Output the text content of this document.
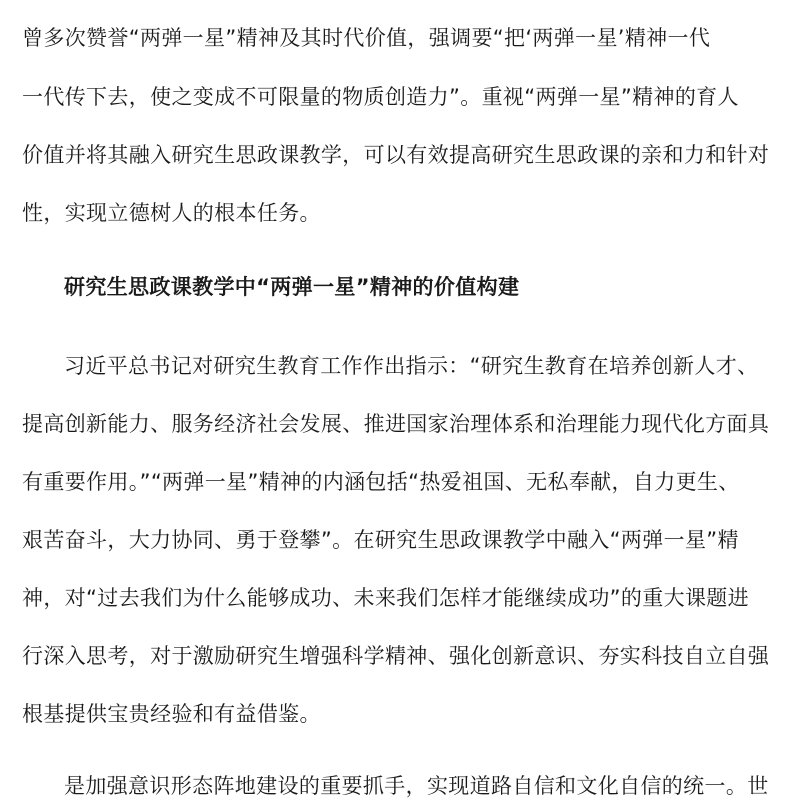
曾多次赞誉“两弹一星”精神及其时代价值，强调要“把‘两弹一星’精神一代
一代传下去，使之变成不可限量的物质创造力”。重视“两弹一星”精神的育人
价值并将其融入研究生思政课教学，可以有效提高研究生思政课的亲和力和针对
性，实现立德树人的根本任务。
研究生思政课教学中“两弹一星”精神的价值构建
习近平总书记对研究生教育工作作出指示：“研究生教育在培养创新人才、
提高创新能力、服务经济社会发展、推进国家治理体系和治理能力现代化方面具
有重要作用。”“两弹一星”精神的内涵包括“热爱祖国、无私奉献，自力更生、
艰苦奋斗，大力协同、勇于登攀”。在研究生思政课教学中融入“两弹一星”精
神，对“过去我们为什么能够成功、未来我们怎样才能继续成功”的重大课题进
行深入思考，对于激励研究生增强科学精神、强化创新意识、夯实科技自立自强
根基提供宝贵经验和有益借鉴。
是加强意识形态阵地建设的重要抓手，实现道路自信和文化自信的统一。世
